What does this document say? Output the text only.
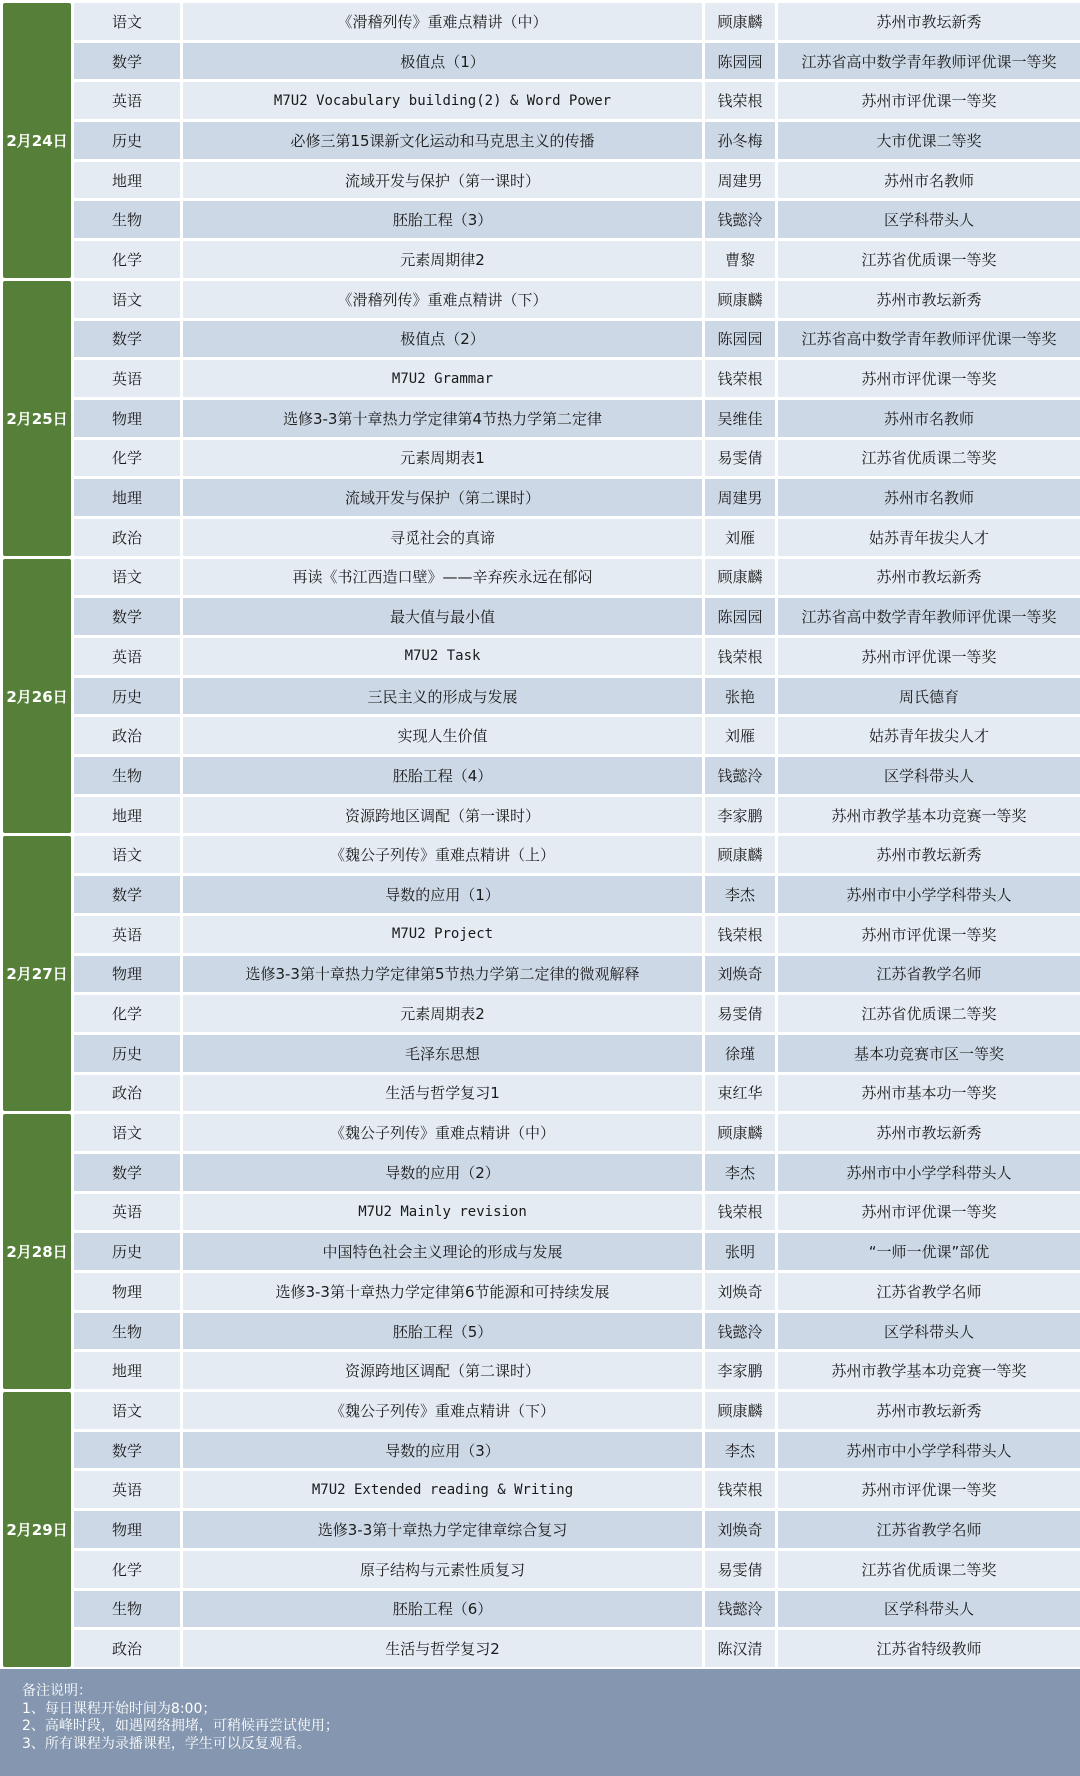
2月24日	语文	《滑稽列传》重难点精讲（中）	顾康麟	苏州市教坛新秀
	数学	极值点（1）	陈园园	江苏省高中数学青年教师评优课一等奖
	英语	M7U2 Vocabulary building(2) & Word Power	钱荣根	苏州市评优课一等奖
	历史	必修三第15课新文化运动和马克思主义的传播	孙冬梅	大市优课二等奖
	地理	流域开发与保护（第一课时）	周建男	苏州市名教师
	生物	胚胎工程（3）	钱懿泠	区学科带头人
	化学	元素周期律2	曹黎	江苏省优质课一等奖
2月25日	语文	《滑稽列传》重难点精讲（下）	顾康麟	苏州市教坛新秀
	数学	极值点（2）	陈园园	江苏省高中数学青年教师评优课一等奖
	英语	M7U2 Grammar	钱荣根	苏州市评优课一等奖
	物理	选修3-3第十章热力学定律第4节热力学第二定律	吴维佳	苏州市名教师
	化学	元素周期表1	易雯倩	江苏省优质课二等奖
	地理	流域开发与保护（第二课时）	周建男	苏州市名教师
	政治	寻觅社会的真谛	刘雁	姑苏青年拔尖人才
2月26日	语文	再读《书江西造口壁》——辛弃疾永远在郁闷	顾康麟	苏州市教坛新秀
	数学	最大值与最小值	陈园园	江苏省高中数学青年教师评优课一等奖
	英语	M7U2 Task	钱荣根	苏州市评优课一等奖
	历史	三民主义的形成与发展	张艳	周氏德育
	政治	实现人生价值	刘雁	姑苏青年拔尖人才
	生物	胚胎工程（4）	钱懿泠	区学科带头人
	地理	资源跨地区调配（第一课时）	李家鹏	苏州市教学基本功竞赛一等奖
2月27日	语文	《魏公子列传》重难点精讲（上）	顾康麟	苏州市教坛新秀
	数学	导数的应用（1）	李杰	苏州市中小学学科带头人
	英语	M7U2 Project	钱荣根	苏州市评优课一等奖
	物理	选修3-3第十章热力学定律第5节热力学第二定律的微观解释	刘焕奇	江苏省教学名师
	化学	元素周期表2	易雯倩	江苏省优质课二等奖
	历史	毛泽东思想	徐瑾	基本功竞赛市区一等奖
	政治	生活与哲学复习1	束红华	苏州市基本功一等奖
2月28日	语文	《魏公子列传》重难点精讲（中）	顾康麟	苏州市教坛新秀
	数学	导数的应用（2）	李杰	苏州市中小学学科带头人
	英语	M7U2 Mainly revision	钱荣根	苏州市评优课一等奖
	历史	中国特色社会主义理论的形成与发展	张明	“一师一优课”部优
	物理	选修3-3第十章热力学定律第6节能源和可持续发展	刘焕奇	江苏省教学名师
	生物	胚胎工程（5）	钱懿泠	区学科带头人
	地理	资源跨地区调配（第二课时）	李家鹏	苏州市教学基本功竞赛一等奖
2月29日	语文	《魏公子列传》重难点精讲（下）	顾康麟	苏州市教坛新秀
	数学	导数的应用（3）	李杰	苏州市中小学学科带头人
	英语	M7U2 Extended reading & Writing	钱荣根	苏州市评优课一等奖
	物理	选修3-3第十章热力学定律章综合复习	刘焕奇	江苏省教学名师
	化学	原子结构与元素性质复习	易雯倩	江苏省优质课二等奖
	生物	胚胎工程（6）	钱懿泠	区学科带头人
	政治	生活与哲学复习2	陈汉清	江苏省特级教师
备注说明：
1、每日课程开始时间为8:00；
2、高峰时段，如遇网络拥堵，可稍候再尝试使用；
3、所有课程为录播课程，学生可以反复观看。
